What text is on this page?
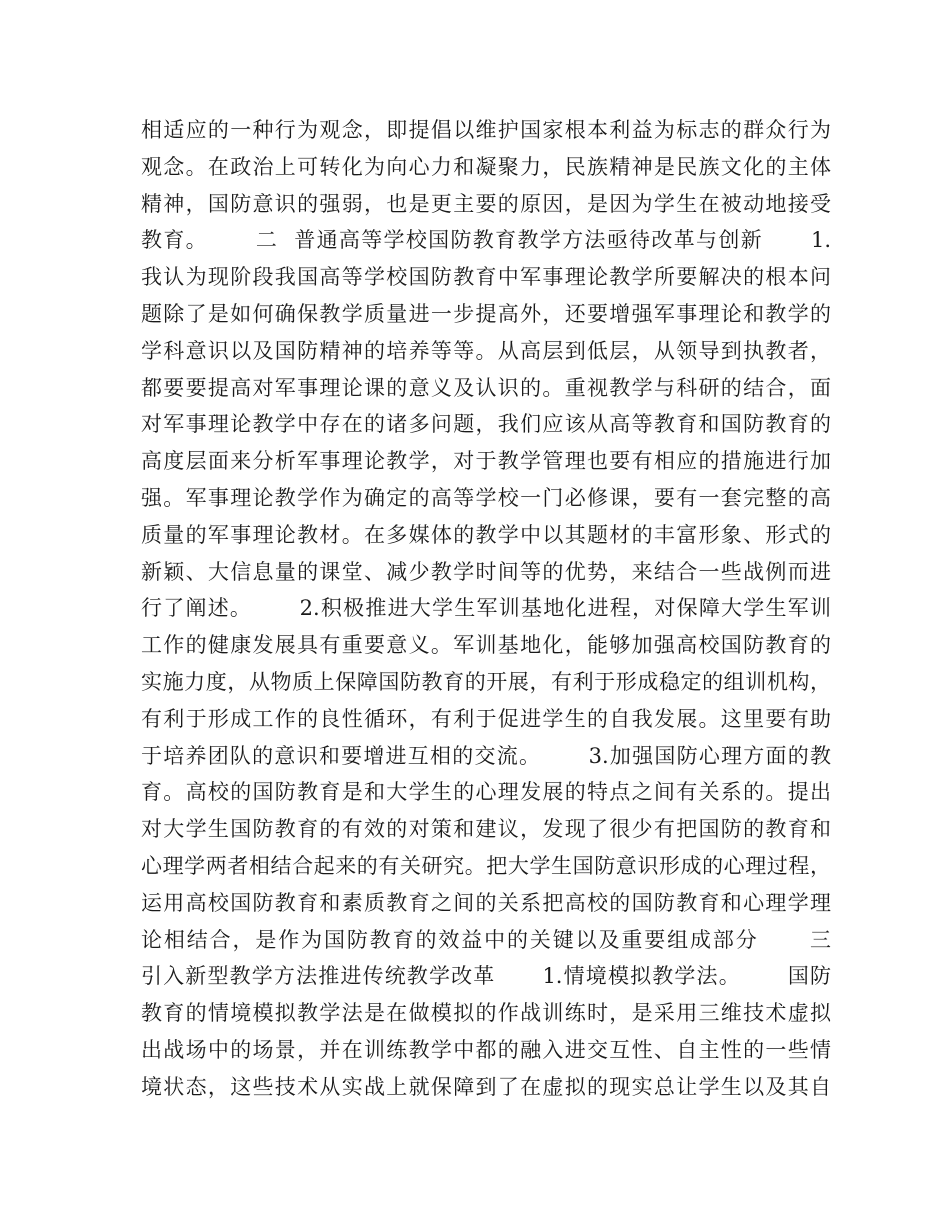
相适应的一种行为观念，即提倡以维护国家根本利益为标志的群众行为
观念。在政治上可转化为向心力和凝聚力，民族精神是民族文化的主体
精神，国防意识的强弱，也是更主要的原因，是因为学生在被动地接受
教育。      二  普通高等学校国防教育教学方法亟待改革与创新      1.
我认为现阶段我国高等学校国防教育中军事理论教学所要解决的根本问
题除了是如何确保教学质量进一步提高外，还要增强军事理论和教学的
学科意识以及国防精神的培养等等。从高层到低层，从领导到执教者，
都要要提高对军事理论课的意义及认识的。重视教学与科研的结合，面
对军事理论教学中存在的诸多问题，我们应该从高等教育和国防教育的
高度层面来分析军事理论教学，对于教学管理也要有相应的措施进行加
强。军事理论教学作为确定的高等学校一门必修课，要有一套完整的高
质量的军事理论教材。在多媒体的教学中以其题材的丰富形象、形式的
新颖、大信息量的课堂、减少教学时间等的优势，来结合一些战例而进
行了阐述。      2.积极推进大学生军训基地化进程，对保障大学生军训
工作的健康发展具有重要意义。军训基地化，能够加强高校国防教育的
实施力度，从物质上保障国防教育的开展，有利于形成稳定的组训机构，
有利于形成工作的良性循环，有利于促进学生的自我发展。这里要有助
于培养团队的意识和要增进互相的交流。      3.加强国防心理方面的教
育。高校的国防教育是和大学生的心理发展的特点之间有关系的。提出
对大学生国防教育的有效的对策和建议，发现了很少有把国防的教育和
心理学两者相结合起来的有关研究。把大学生国防意识形成的心理过程，
运用高校国防教育和素质教育之间的关系把高校的国防教育和心理学理
论相结合，是作为国防教育的效益中的关键以及重要组成部分      三
引入新型教学方法推进传统教学改革      1.情境模拟教学法。      国防
教育的情境模拟教学法是在做模拟的作战训练时，是采用三维技术虚拟
出战场中的场景，并在训练教学中都的融入进交互性、自主性的一些情
境状态，这些技术从实战上就保障到了在虚拟的现实总让学生以及其自
